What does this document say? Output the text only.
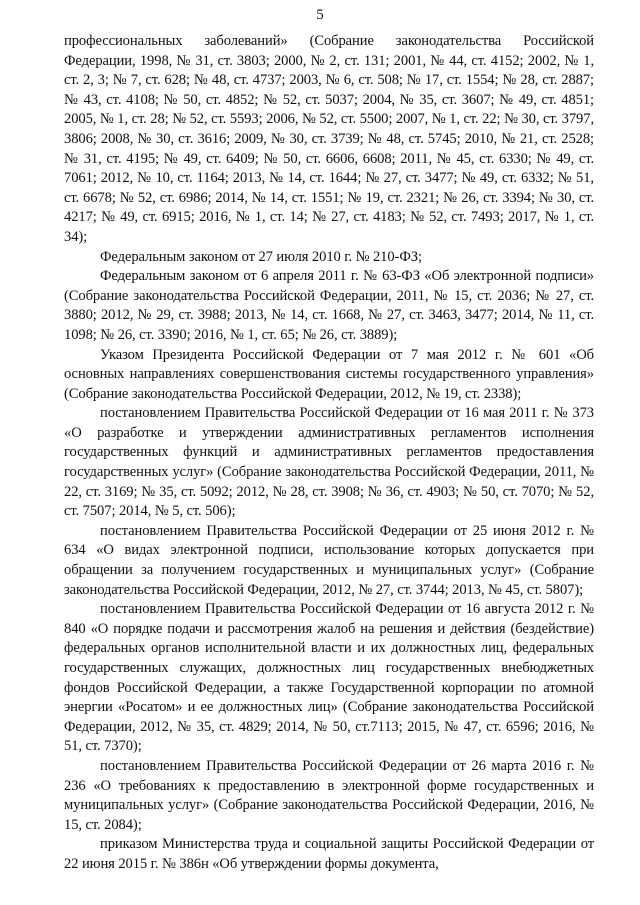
5

профессиональных заболеваний» (Собрание законодательства Российской Федерации, 1998, № 31, ст. 3803; 2000, № 2, ст. 131; 2001, № 44, ст. 4152; 2002, № 1, ст. 2, 3; № 7, ст. 628; № 48, ст. 4737; 2003, № 6, ст. 508; № 17, ст. 1554; № 28, ст. 2887; № 43, ст. 4108; № 50, ст. 4852; № 52, ст. 5037; 2004, № 35, ст. 3607; № 49, ст. 4851; 2005, № 1, ст. 28; № 52, ст. 5593; 2006, № 52, ст. 5500; 2007, № 1, ст. 22; № 30, ст. 3797, 3806; 2008, № 30, ст. 3616; 2009, № 30, ст. 3739; № 48, ст. 5745; 2010, № 21, ст. 2528; № 31, ст. 4195; № 49, ст. 6409; № 50, ст. 6606, 6608; 2011, № 45, ст. 6330; № 49, ст. 7061; 2012, № 10, ст. 1164; 2013, № 14, ст. 1644; № 27, ст. 3477; № 49, ст. 6332; № 51, ст. 6678; № 52, ст. 6986; 2014, № 14, ст. 1551; № 19, ст. 2321; № 26, ст. 3394; № 30, ст. 4217; № 49, ст. 6915; 2016, № 1, ст. 14; № 27, ст. 4183; № 52, ст. 7493; 2017, № 1, ст. 34);

Федеральным законом от 27 июля 2010 г. № 210-ФЗ;

Федеральным законом от 6 апреля 2011 г. № 63-ФЗ «Об электронной подписи» (Собрание законодательства Российской Федерации, 2011, № 15, ст. 2036; № 27, ст. 3880; 2012, № 29, ст. 3988; 2013, № 14, ст. 1668, № 27, ст. 3463, 3477; 2014, № 11, ст. 1098; № 26, ст. 3390; 2016, № 1, ст. 65; № 26, ст. 3889);

Указом Президента Российской Федерации от 7 мая 2012 г. № 601 «Об основных направлениях совершенствования системы государственного управления» (Собрание законодательства Российской Федерации, 2012, № 19, ст. 2338);

постановлением Правительства Российской Федерации от 16 мая 2011 г. № 373 «О разработке и утверждении административных регламентов исполнения государственных функций и административных регламентов предоставления государственных услуг» (Собрание законодательства Российской Федерации, 2011, № 22, ст. 3169; № 35, ст. 5092; 2012, № 28, ст. 3908; № 36, ст. 4903; № 50, ст. 7070; № 52, ст. 7507; 2014, № 5, ст. 506);

постановлением Правительства Российской Федерации от 25 июня 2012 г. № 634 «О видах электронной подписи, использование которых допускается при обращении за получением государственных и муниципальных услуг» (Собрание законодательства Российской Федерации, 2012, № 27, ст. 3744; 2013, № 45, ст. 5807);

постановлением Правительства Российской Федерации от 16 августа 2012 г. № 840 «О порядке подачи и рассмотрения жалоб на решения и действия (бездействие) федеральных органов исполнительной власти и их должностных лиц, федеральных государственных служащих, должностных лиц государственных внебюджетных фондов Российской Федерации, а также Государственной корпорации по атомной энергии «Росатом» и ее должностных лиц» (Собрание законодательства Российской Федерации, 2012, № 35, ст. 4829; 2014, № 50, ст.7113; 2015, № 47, ст. 6596; 2016, № 51, ст. 7370);

постановлением Правительства Российской Федерации от 26 марта 2016 г. № 236 «О требованиях к предоставлению в электронной форме государственных и муниципальных услуг» (Собрание законодательства Российской Федерации, 2016, № 15, ст. 2084);

приказом Министерства труда и социальной защиты Российской Федерации от 22 июня 2015 г. № 386н «Об утверждении формы документа,
